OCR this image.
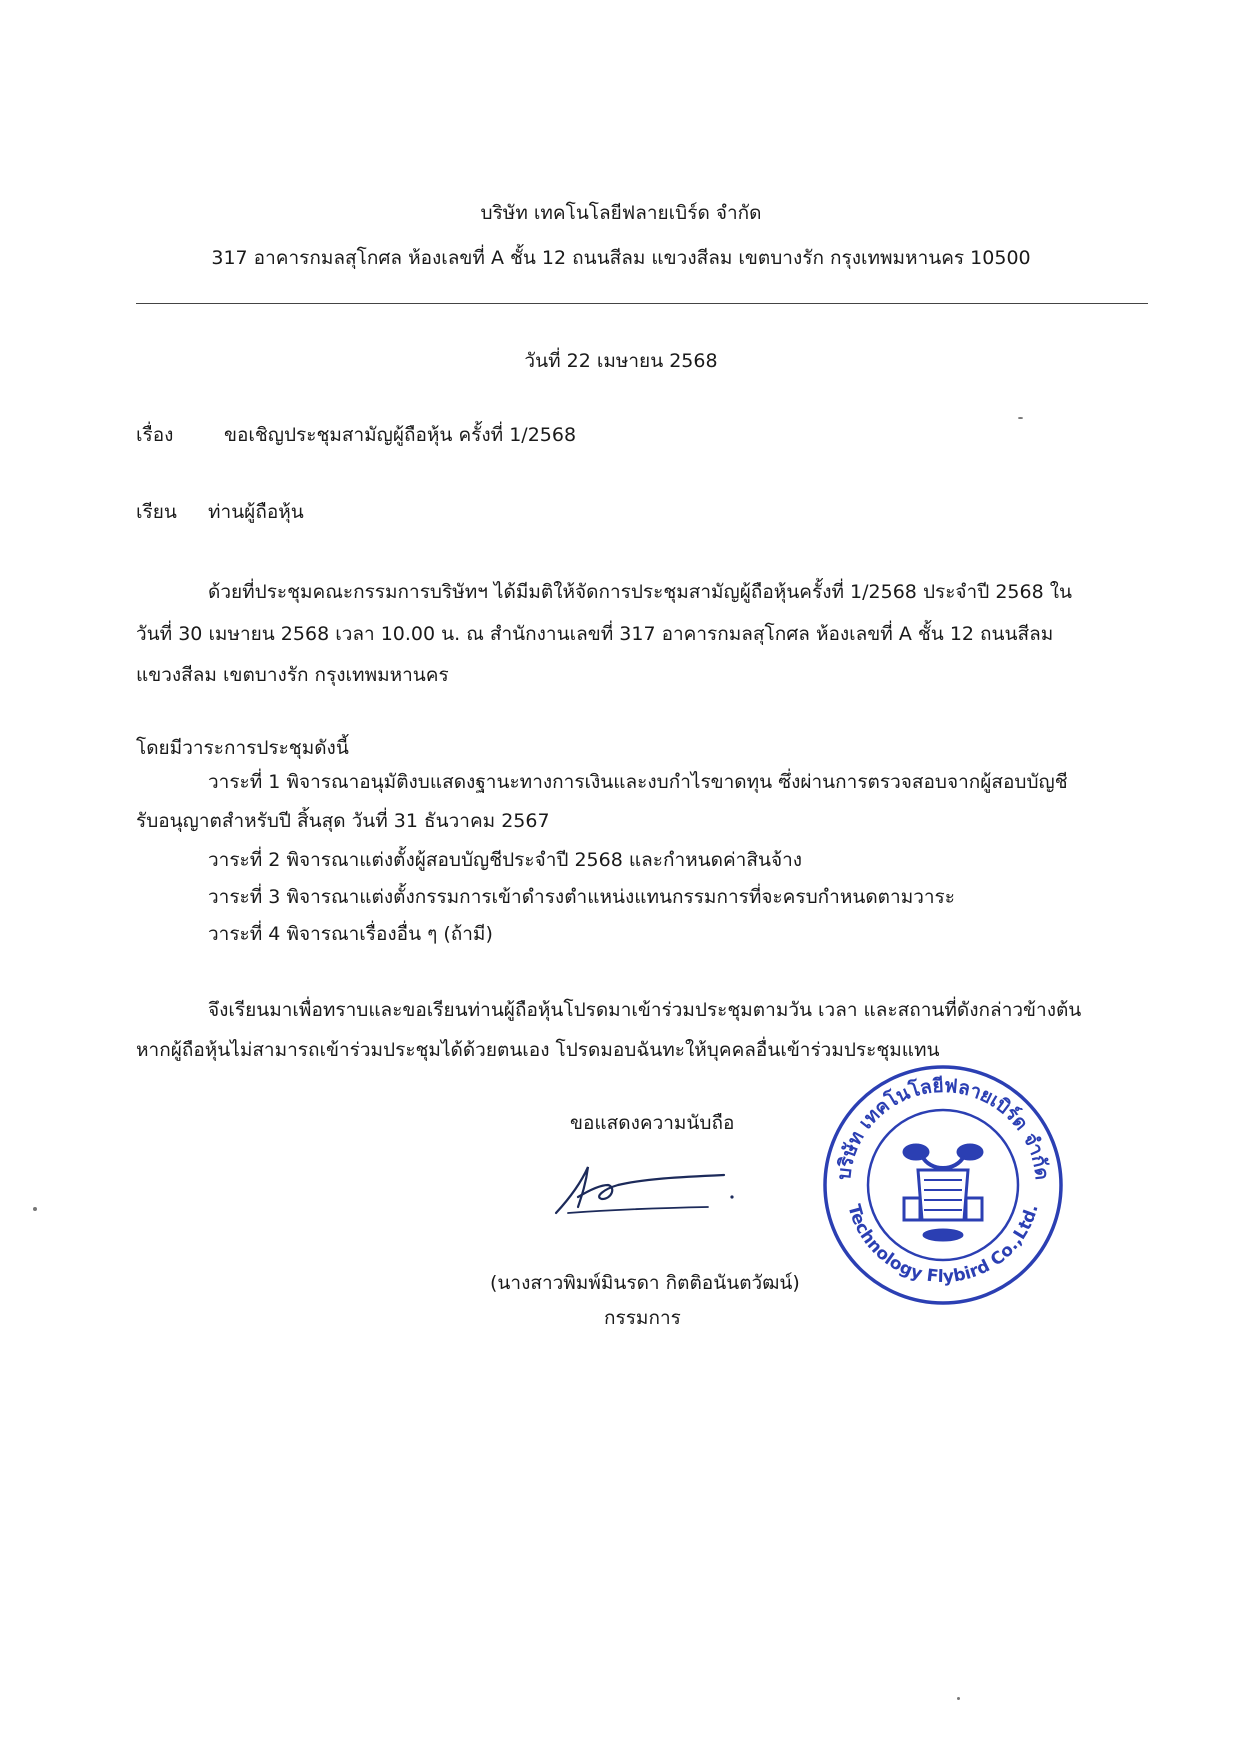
บริษัท เทคโนโลยีฟลายเบิร์ด จำกัด
317 อาคารกมลสุโกศล ห้องเลขที่ A ชั้น 12 ถนนสีลม แขวงสีลม เขตบางรัก กรุงเทพมหานคร 10500
วันที่ 22 เมษายน 2568
เรื่อง	ขอเชิญประชุมสามัญผู้ถือหุ้น ครั้งที่ 1/2568
เรียน ท่านผู้ถือหุ้น
ด้วยที่ประชุมคณะกรรมการบริษัทฯ ได้มีมติให้จัดการประชุมสามัญผู้ถือหุ้นครั้งที่ 1/2568 ประจำปี 2568 ใน
วันที่ 30 เมษายน 2568 เวลา 10.00 น. ณ สำนักงานเลขที่ 317 อาคารกมลสุโกศล ห้องเลขที่ A ชั้น 12 ถนนสีลม
แขวงสีลม เขตบางรัก กรุงเทพมหานคร
โดยมีวาระการประชุมดังนี้
วาระที่ 1 พิจารณาอนุมัติงบแสดงฐานะทางการเงินและงบกำไรขาดทุน ซึ่งผ่านการตรวจสอบจากผู้สอบบัญชี
รับอนุญาตสำหรับปี สิ้นสุด วันที่ 31 ธันวาคม 2567
วาระที่ 2 พิจารณาแต่งตั้งผู้สอบบัญชีประจำปี 2568 และกำหนดค่าสินจ้าง
วาระที่ 3 พิจารณาแต่งตั้งกรรมการเข้าดำรงตำแหน่งแทนกรรมการที่จะครบกำหนดตามวาระ
วาระที่ 4 พิจารณาเรื่องอื่น ๆ (ถ้ามี)
จึงเรียนมาเพื่อทราบและขอเรียนท่านผู้ถือหุ้นโปรดมาเข้าร่วมประชุมตามวัน เวลา และสถานที่ดังกล่าวข้างต้น
หากผู้ถือหุ้นไม่สามารถเข้าร่วมประชุมได้ด้วยตนเอง โปรดมอบฉันทะให้บุคคลอื่นเข้าร่วมประชุมแทน
ขอแสดงความนับถือ
(นางสาวพิมพ์มินรดา กิตติอนันตวัฒน์)
กรรมการ
บริษัท เทคโนโลยีฟลายเบิร์ด จำกัด
Technology Flybird Co.,Ltd.
